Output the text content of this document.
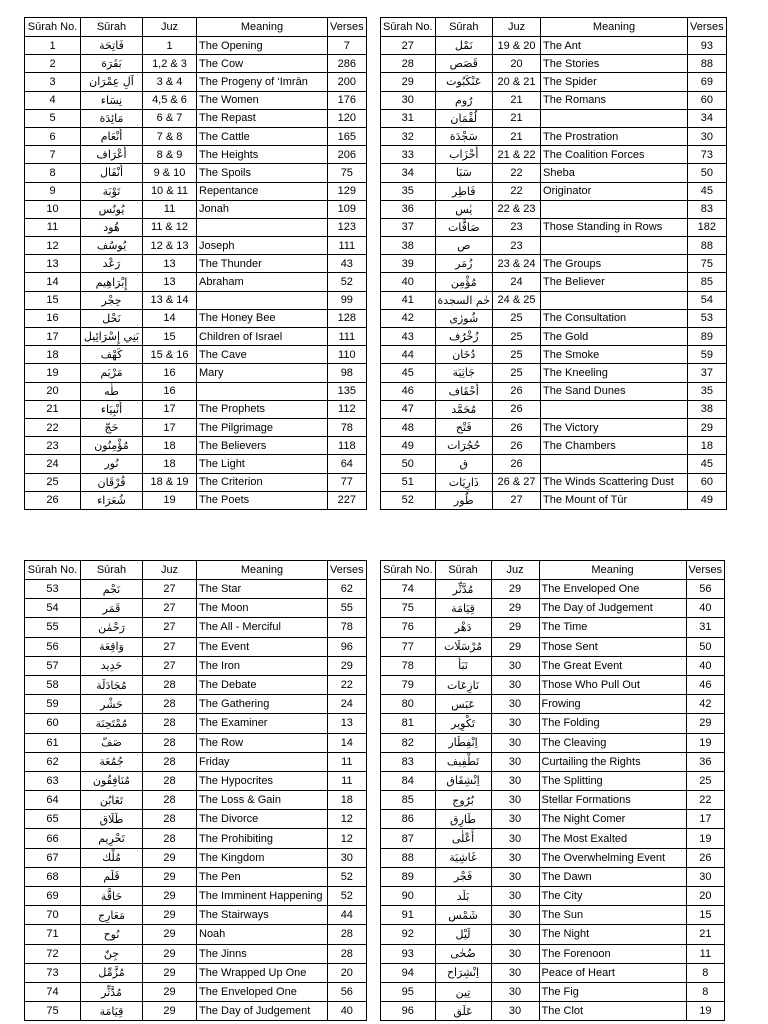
Sūrah No.	Sūrah	Juz	Meaning	Verses
1	فَاتِحَة	1	The Opening	7
2	بَقَرَة	1,2 & 3	The Cow	286
3	آلِ عِمْرَان	3 & 4	The Progeny of ‘Imrān	200
4	نِسَاء	4,5 & 6	The Women	176
5	مَائِدَة	6 & 7	The Repast	120
6	أَنْعَام	7 & 8	The Cattle	165
7	أَعْرَاف	8 & 9	The Heights	206
8	أَنْفَال	9 & 10	The Spoils	75
9	تَوْبَة	10 & 11	Repentance	129
10	يُونُس	11	Jonah	109
11	هُود	11 & 12		123
12	يُوسُف	12 & 13	Joseph	111
13	رَعْد	13	The Thunder	43
14	إِبْرَاهِيم	13	Abraham	52
15	حِجْر	13 & 14		99
16	نَحْل	14	The Honey Bee	128
17	بَنِي إِسْرَائِيل	15	Children of Israel	111
18	كَهْف	15 & 16	The Cave	110
19	مَرْيَم	16	Mary	98
20	طٰه	16		135
21	أَنْبِيَاء	17	The Prophets	112
22	حَجّ	17	The Pilgrimage	78
23	مُؤْمِنُون	18	The Believers	118
24	نُور	18	The Light	64
25	فُرْقَان	18 & 19	The Criterion	77
26	شُعَرَاء	19	The Poets	227
Sūrah No.	Sūrah	Juz	Meaning	Verses
27	نَمْل	19 & 20	The Ant	93
28	قَصَص	20	The Stories	88
29	عَنْكَبُوت	20 & 21	The Spider	69
30	رُوم	21	The Romans	60
31	لُقْمَان	21		34
32	سَجْدَة	21	The Prostration	30
33	أَحْزَاب	21 & 22	The Coalition Forces	73
34	سَبَا	22	Sheba	50
35	فَاطِر	22	Originator	45
36	يٰس	22 & 23		83
37	صَافَّات	23	Those Standing in Rows	182
38	ص	23		88
39	زُمَر	23 & 24	The Groups	75
40	مُؤْمِن	24	The Believer	85
41	حٰم السجدة	24 & 25		54
42	شُورٰى	25	The Consultation	53
43	زُخْرُف	25	The Gold	89
44	دُخَان	25	The Smoke	59
45	جَاثِيَة	25	The Kneeling	37
46	أَحْقَاف	26	The Sand Dunes	35
47	مُحَمَّد	26		38
48	فَتْح	26	The Victory	29
49	حُجُرَات	26	The Chambers	18
50	ق	26		45
51	ذَارِيَات	26 & 27	The Winds Scattering Dust	60
52	طُور	27	The Mount of Tūr	49
Sūrah No.	Sūrah	Juz	Meaning	Verses
53	نَجْم	27	The Star	62
54	قَمَر	27	The Moon	55
55	رَحْمٰن	27	The All - Merciful	78
56	وَاقِعَة	27	The Event	96
57	حَدِيد	27	The Iron	29
58	مُجَادَلَة	28	The Debate	22
59	حَشْر	28	The Gathering	24
60	مُمْتَحِنَة	28	The Examiner	13
61	صَفّ	28	The Row	14
62	جُمُعَة	28	Friday	11
63	مُنَافِقُون	28	The Hypocrites	11
64	تَغَابُن	28	The Loss & Gain	18
65	طَلَاق	28	The Divorce	12
66	تَحْرِيم	28	The Prohibiting	12
67	مُلْك	29	The Kingdom	30
68	قَلَم	29	The Pen	52
69	حَاقَّة	29	The Imminent Happening	52
70	مَعَارِج	29	The Stairways	44
71	نُوح	29	Noah	28
72	جِنّ	29	The Jinns	28
73	مُزَّمِّل	29	The Wrapped Up One	20
74	مُدَّثِّر	29	The Enveloped One	56
75	قِيَامَة	29	The Day of Judgement	40
Sūrah No.	Sūrah	Juz	Meaning	Verses
74	مُدَّثِّر	29	The Enveloped One	56
75	قِيَامَة	29	The Day of Judgement	40
76	دَهْر	29	The Time	31
77	مُرْسَلَات	29	Those Sent	50
78	نَبَأ	30	The Great Event	40
79	نَازِعَات	30	Those Who Pull Out	46
80	عَبَس	30	Frowing	42
81	تَكْوِير	30	The Folding	29
82	اِنْفِطَار	30	The Cleaving	19
83	تَطْفِيف	30	Curtailing the Rights	36
84	اِنْشِقَاق	30	The Splitting	25
85	بُرُوج	30	Stellar Formations	22
86	طَارِق	30	The Night Comer	17
87	أَعْلٰى	30	The Most Exalted	19
88	غَاشِيَة	30	The Overwhelming Event	26
89	فَجْر	30	The Dawn	30
90	بَلَد	30	The City	20
91	شَمْس	30	The Sun	15
92	لَيْل	30	The Night	21
93	ضُحٰى	30	The Forenoon	11
94	اِنْشِرَاح	30	Peace of Heart	8
95	تِين	30	The Fig	8
96	عَلَق	30	The Clot	19
